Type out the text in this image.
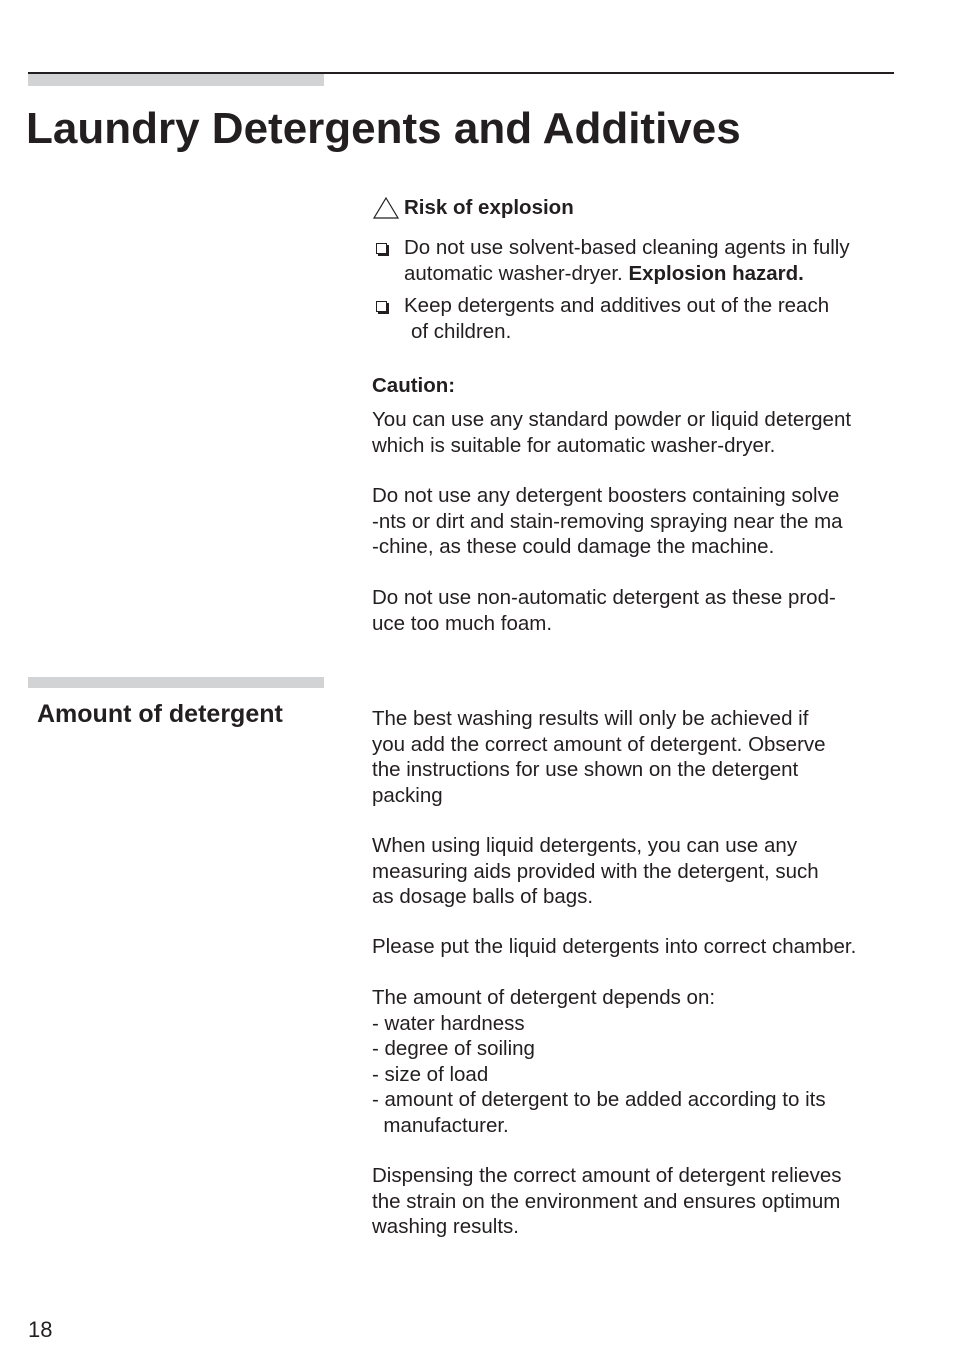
Laundry Detergents and Additives
Risk of explosion
Do not use solvent-based cleaning agents in fully
automatic washer-dryer. Explosion hazard.
Keep detergents and additives out of the reach
of children.
Caution:
You can use any standard powder or liquid detergent
which is suitable for automatic washer-dryer.
Do not use any detergent boosters containing solve
-nts or dirt and stain-removing spraying near the ma
-chine, as these could damage the machine.
Do not use non-automatic detergent as these prod-
uce too much foam.
Amount of detergent	The best washing results will only be achieved if
you add the correct amount of detergent. Observe
the instructions for use shown on the detergent
packing
When using liquid detergents, you can use any
measuring aids provided with the detergent, such
as dosage balls of bags.
Please put the liquid detergents into correct chamber.
The amount of detergent depends on:
- water hardness
- degree of soiling
- size of load
- amount of detergent to be added according to its
manufacturer.
Dispensing the correct amount of detergent relieves
the strain on the environment and ensures optimum
washing results.
18
